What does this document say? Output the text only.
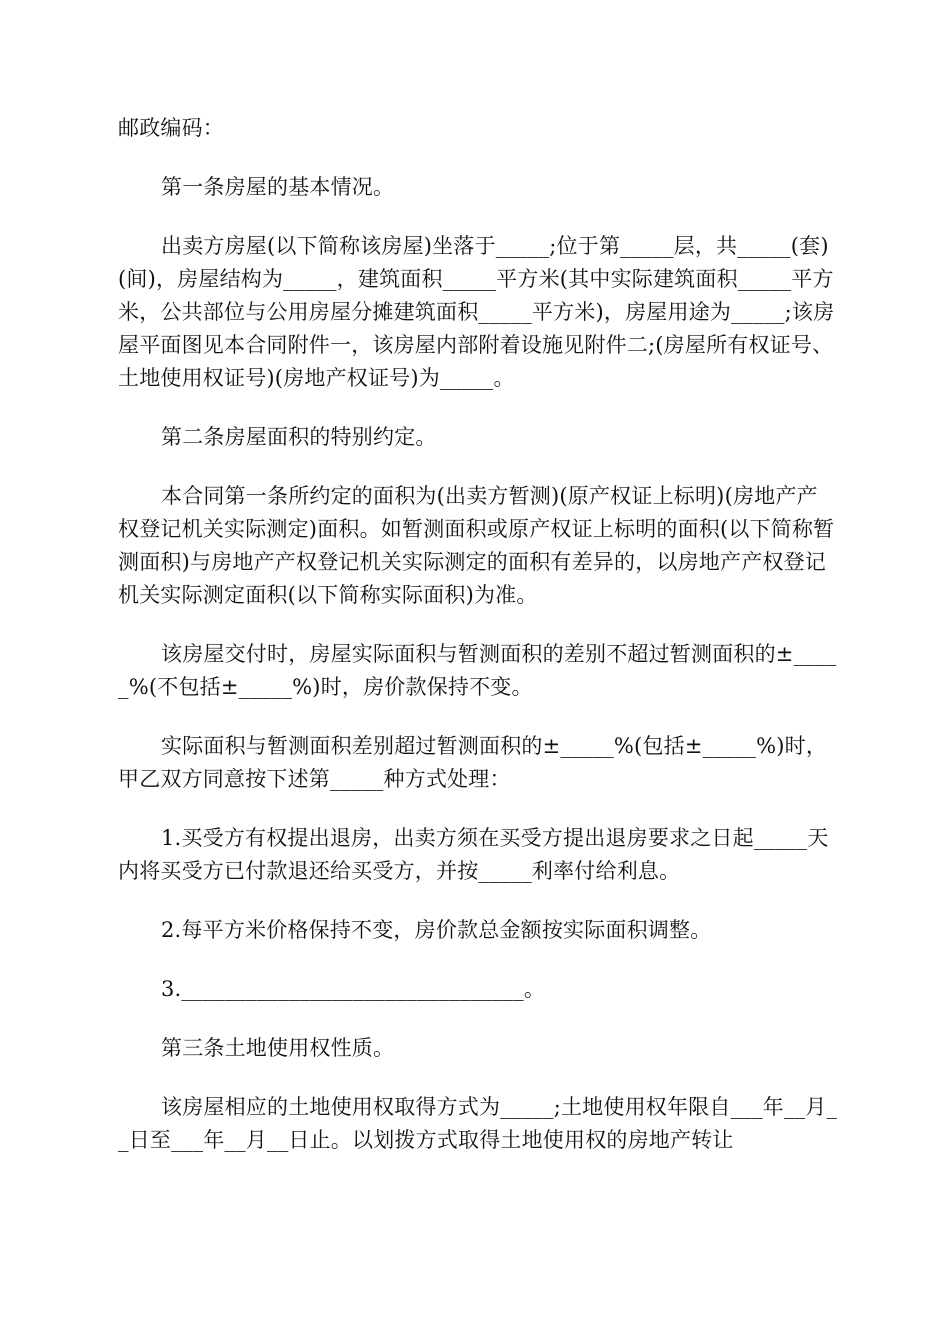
邮政编码：

第一条房屋的基本情况。

出卖方房屋(以下简称该房屋)坐落于_____;位于第_____层，共_____(套)(间)，房屋结构为_____，建筑面积_____平方米(其中实际建筑面积_____平方米，公共部位与公用房屋分摊建筑面积_____平方米)，房屋用途为_____;该房屋平面图见本合同附件一，该房屋内部附着设施见附件二;(房屋所有权证号、土地使用权证号)(房地产权证号)为_____。

第二条房屋面积的特别约定。

本合同第一条所约定的面积为(出卖方暂测)(原产权证上标明)(房地产产权登记机关实际测定)面积。如暂测面积或原产权证上标明的面积(以下简称暂测面积)与房地产产权登记机关实际测定的面积有差异的，以房地产产权登记机关实际测定面积(以下简称实际面积)为准。

该房屋交付时，房屋实际面积与暂测面积的差别不超过暂测面积的±_____%(不包括±_____%)时，房价款保持不变。

实际面积与暂测面积差别超过暂测面积的±_____%(包括±_____%)时，甲乙双方同意按下述第_____种方式处理：

1.买受方有权提出退房，出卖方须在买受方提出退房要求之日起_____天内将买受方已付款退还给买受方，并按_____利率付给利息。

2.每平方米价格保持不变，房价款总金额按实际面积调整。

3.________________________________。

第三条土地使用权性质。

该房屋相应的土地使用权取得方式为_____;土地使用权年限自___年__月__日至___年__月__日止。以划拨方式取得土地使用权的房地产转让
